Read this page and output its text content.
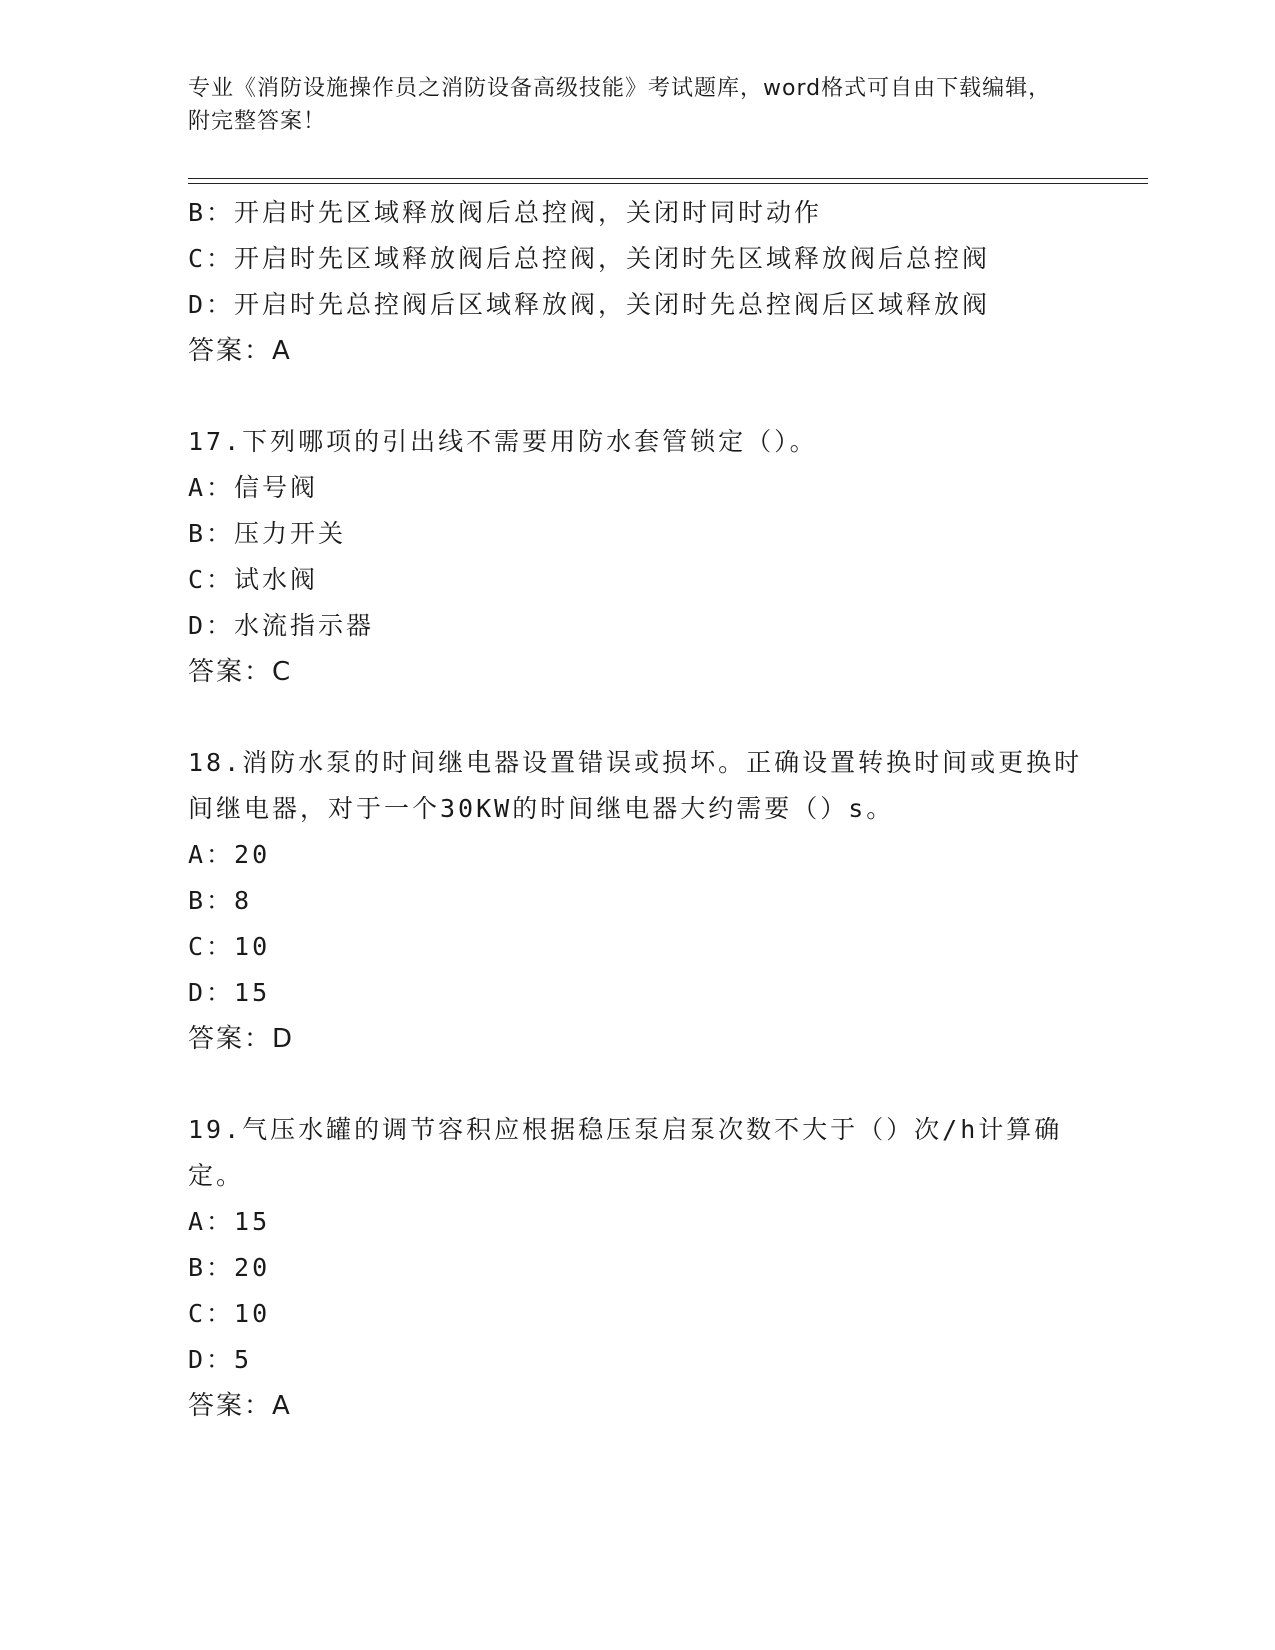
专业《消防设施操作员之消防设备高级技能》考试题库，word格式可自由下载编辑，附完整答案！
B：开启时先区域释放阀后总控阀，关闭时同时动作
C：开启时先区域释放阀后总控阀，关闭时先区域释放阀后总控阀
D：开启时先总控阀后区域释放阀，关闭时先总控阀后区域释放阀
答案：A
17.下列哪项的引出线不需要用防水套管锁定（）。
A：信号阀
B：压力开关
C：试水阀
D：水流指示器
答案：C
18.消防水泵的时间继电器设置错误或损坏。正确设置转换时间或更换时间继电器，对于一个30KW的时间继电器大约需要（）s。
A：20
B：8
C：10
D：15
答案：D
19.气压水罐的调节容积应根据稳压泵启泵次数不大于（）次/h计算确定。
A：15
B：20
C：10
D：5
答案：A
